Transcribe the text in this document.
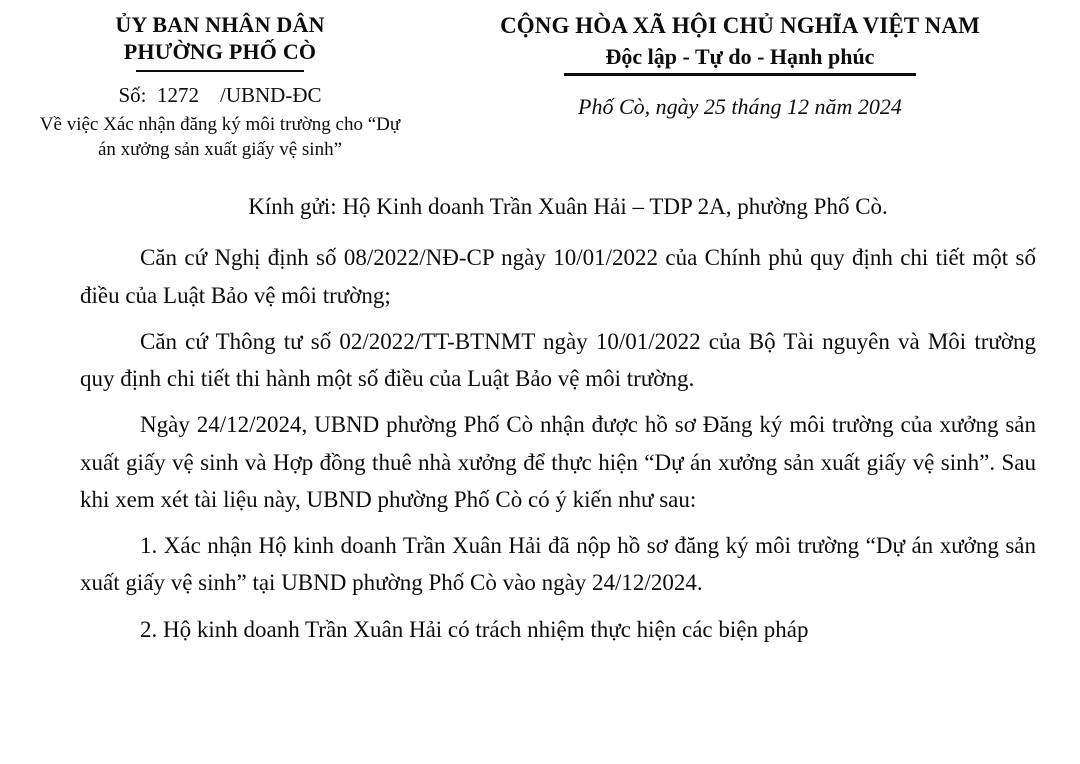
ỦY BAN NHÂN DÂN
PHƯỜNG PHỐ CÒ
Số:  1272    /UBND-ĐC
Về việc Xác nhận đăng ký môi trường cho “Dự án xưởng sản xuất giấy vệ sinh”
CỘNG HÒA XÃ HỘI CHỦ NGHĨA VIỆT NAM
Độc lập - Tự do - Hạnh phúc
Phố Cò, ngày 25 tháng 12 năm 2024

Kính gửi: Hộ Kinh doanh Trần Xuân Hải – TDP 2A, phường Phố Cò.

Căn cứ Nghị định số 08/2022/NĐ-CP ngày 10/01/2022 của Chính phủ quy định chi tiết một số điều của Luật Bảo vệ môi trường;

Căn cứ Thông tư số 02/2022/TT-BTNMT ngày 10/01/2022 của Bộ Tài nguyên và Môi trường quy định chi tiết thi hành một số điều của Luật Bảo vệ môi trường.

Ngày 24/12/2024, UBND phường Phố Cò nhận được hồ sơ Đăng ký môi trường của xưởng sản xuất giấy vệ sinh và Hợp đồng thuê nhà xưởng để thực hiện “Dự án xưởng sản xuất giấy vệ sinh”. Sau khi xem xét tài liệu này, UBND phường Phố Cò có ý kiến như sau:

1. Xác nhận Hộ kinh doanh Trần Xuân Hải đã nộp hồ sơ đăng ký môi trường “Dự án xưởng sản xuất giấy vệ sinh” tại UBND phường Phố Cò vào ngày 24/12/2024.

2. Hộ kinh doanh Trần Xuân Hải có trách nhiệm thực hiện các biện pháp
